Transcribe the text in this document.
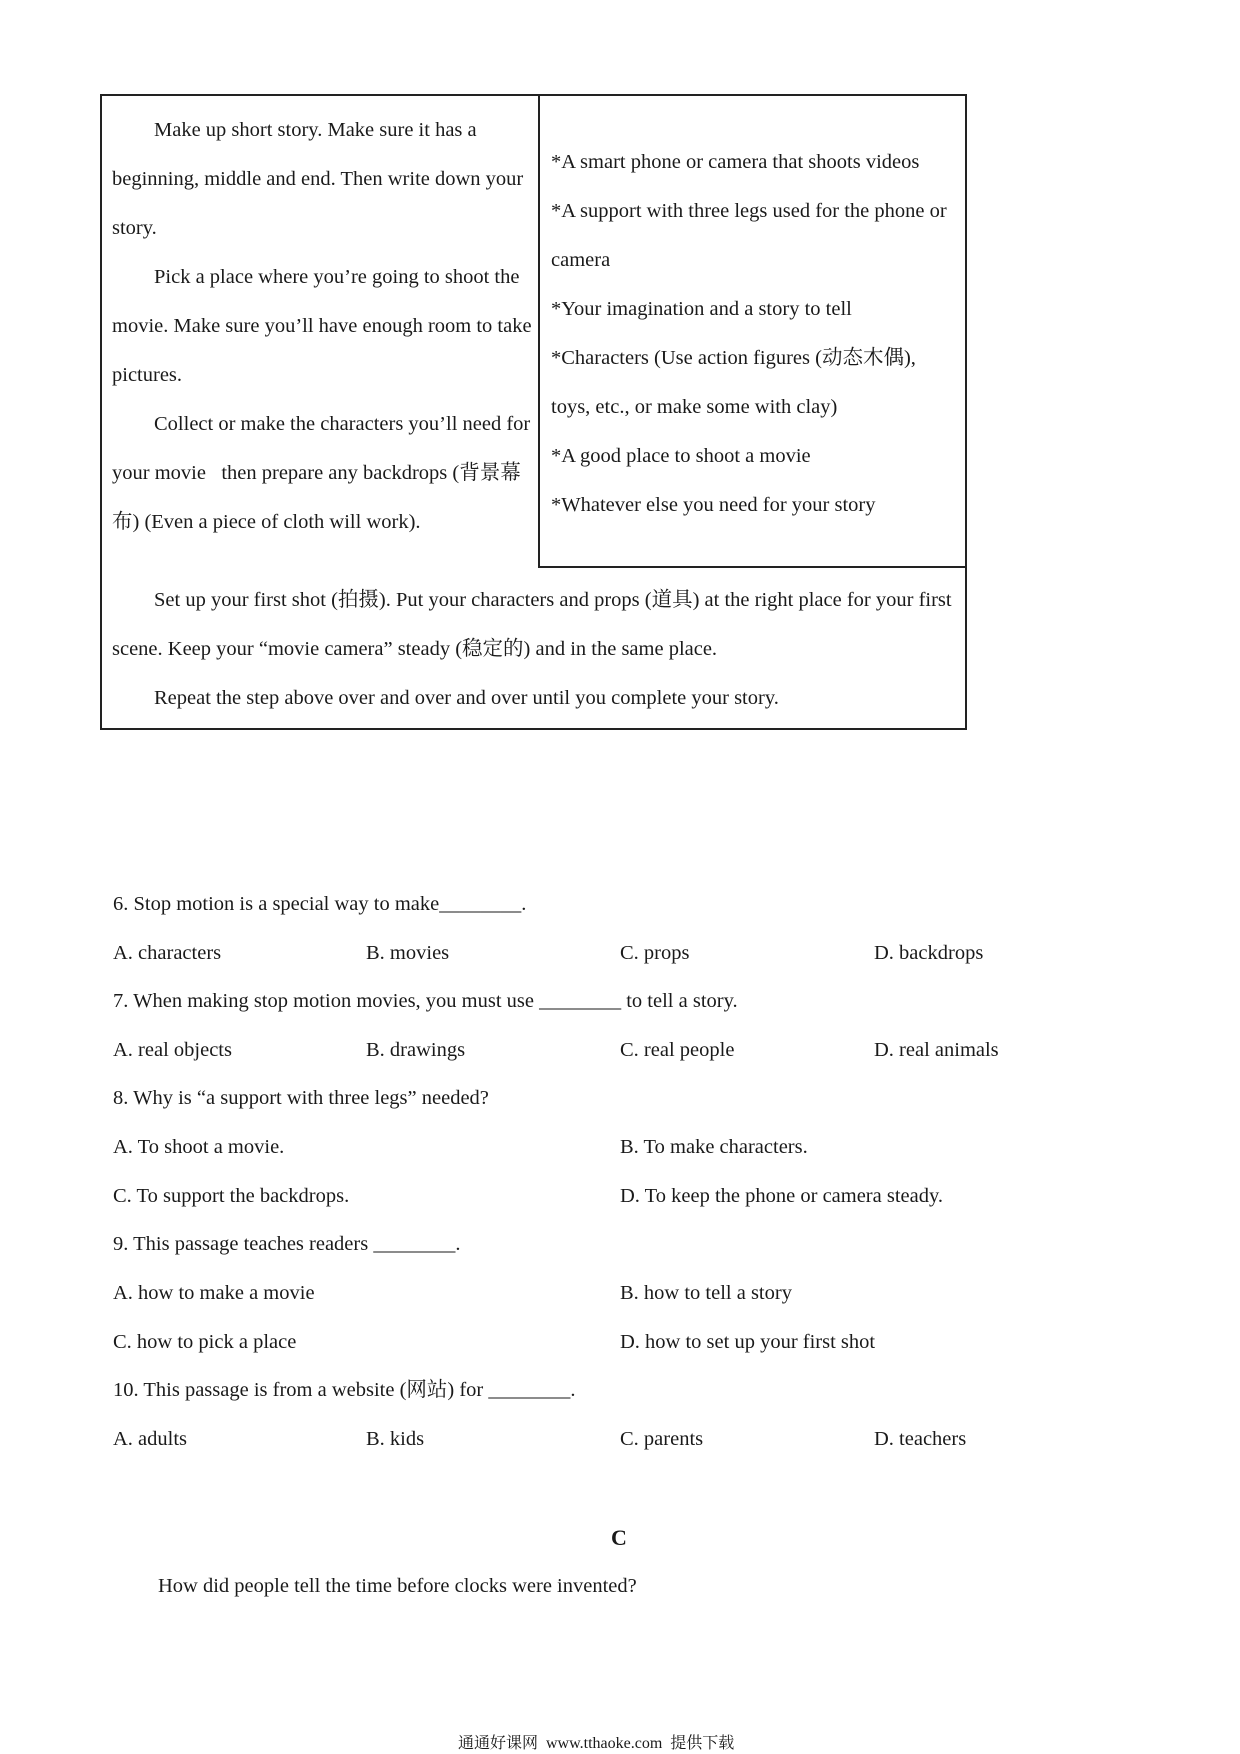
Make up short story. Make sure it has a beginning, middle and end. Then write down your story.

Pick a place where you’re going to shoot the movie. Make sure you’ll have enough room to take pictures.

Collect or make the characters you’ll need for your movie   then prepare any backdrops (背景幕布) (Even a piece of cloth will work).

*A smart phone or camera that shoots videos

*A support with three legs used for the phone or camera

*Your imagination and a story to tell

*Characters (Use action figures (动态木偶), toys, etc., or make some with clay)

*A good place to shoot a movie

*Whatever else you need for your story

Set up your first shot (拍摄). Put your characters and props (道具) at the right place for your first scene. Keep your “movie camera” steady (稳定的) and in the same place.

Repeat the step above over and over and over until you complete your story.

6. Stop motion is a special way to make________.
A. characters	B. movies	C. props	D. backdrops
7. When making stop motion movies, you must use ________ to tell a story.
A. real objects	B. drawings	C. real people	D. real animals
8. Why is “a support with three legs” needed?
A. To shoot a movie.	B. To make characters.
C. To support the backdrops.	D. To keep the phone or camera steady.
9. This passage teaches readers ________.
A. how to make a movie	B. how to tell a story
C. how to pick a place	D. how to set up your first shot
10. This passage is from a website (网站) for ________.
A. adults	B. kids	C. parents	D. teachers
C
How did people tell the time before clocks were invented?
通通好课网  www.tthaoke.com  提供下载
